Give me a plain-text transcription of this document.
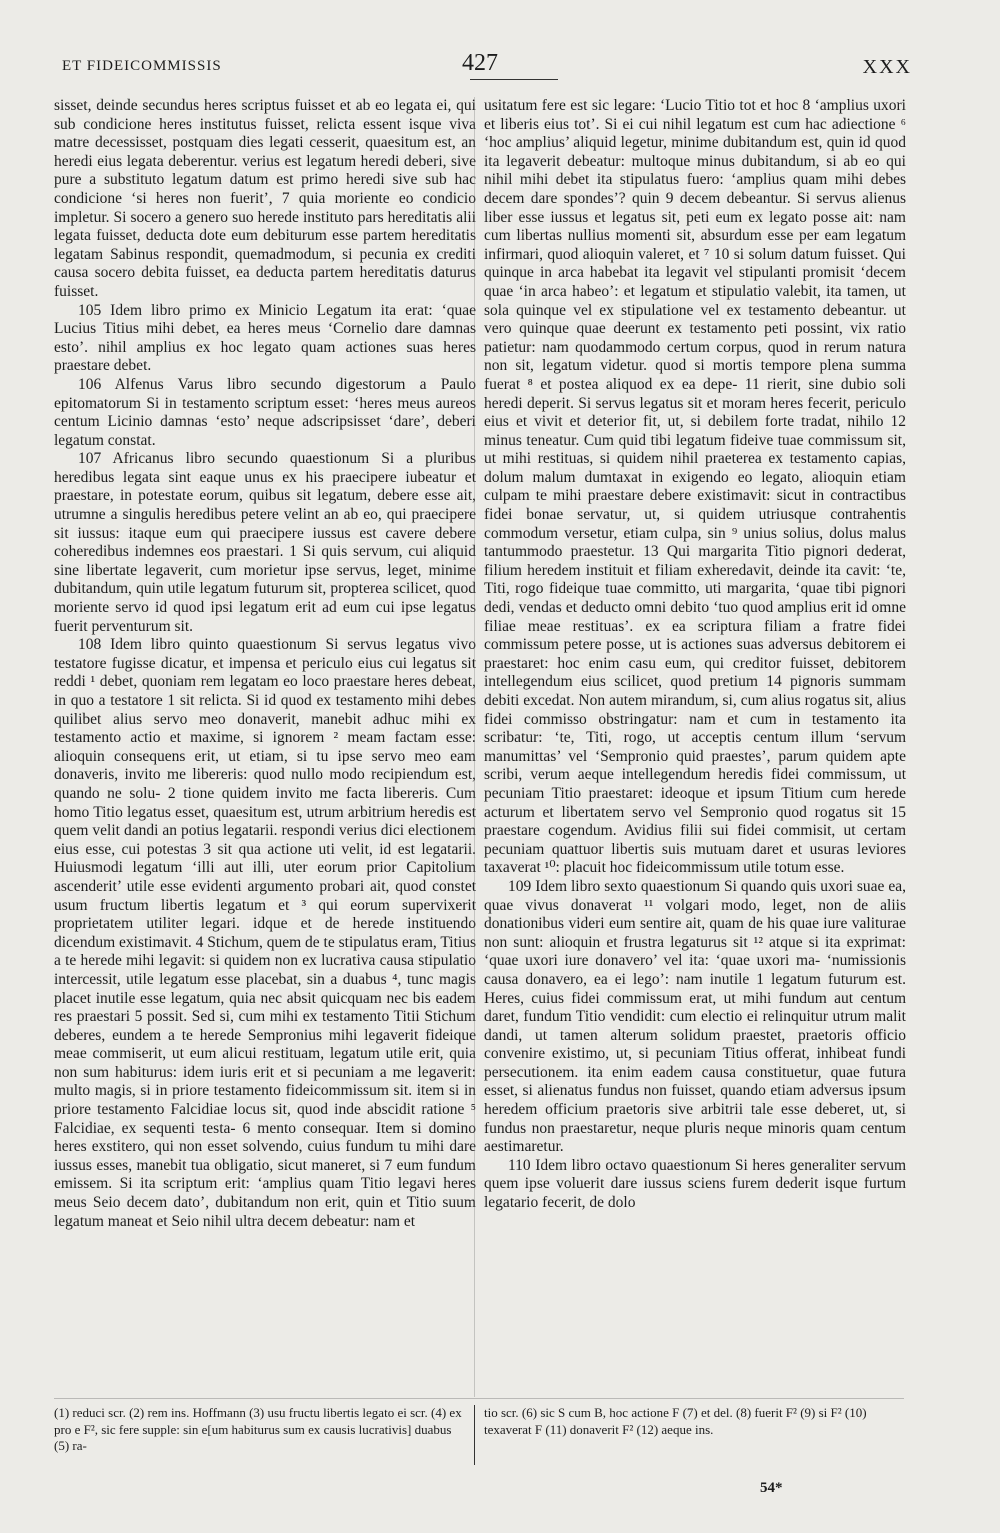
ET FIDEICOMMISSIS	427	XXX

sisset, deinde secundus heres scriptus fuisset et ab eo legata ei, qui sub condicione heres institutus fuisset, relicta essent isque viva matre decessisset, postquam dies legati cesserit, quaesitum est, an heredi eius legata deberentur. verius est legatum heredi deberi, sive pure a substituto legatum datum est primo heredi sive sub hac condicione ‘si heres non fuerit’, 7 quia moriente eo condicio impletur. Si socero a genero suo herede instituto pars hereditatis alii legata fuisset, deducta dote eum debiturum esse partem hereditatis legatam Sabinus respondit, quemadmodum, si pecunia ex crediti causa socero debita fuisset, ea deducta partem hereditatis daturus fuisset.

105 Idem libro primo ex Minicio Legatum ita erat: ‘quae Lucius Titius mihi debet, ea heres meus ‘Cornelio dare damnas esto’. nihil amplius ex hoc legato quam actiones suas heres praestare debet.

106 Alfenus Varus libro secundo digestorum a Paulo epitomatorum Si in testamento scriptum esset: ‘heres meus aureos centum Licinio damnas ‘esto’ neque adscripsisset ‘dare’, deberi legatum constat.

107 Africanus libro secundo quaestionum Si a pluribus heredibus legata sint eaque unus ex his praecipere iubeatur et praestare, in potestate eorum, quibus sit legatum, debere esse ait, utrumne a singulis heredibus petere velint an ab eo, qui praecipere sit iussus: itaque eum qui praecipere iussus est cavere debere coheredibus indemnes eos praestari. 1 Si quis servum, cui aliquid sine libertate legaverit, cum morietur ipse servus, leget, minime dubitandum, quin utile legatum futurum sit, propterea scilicet, quod moriente servo id quod ipsi legatum erit ad eum cui ipse legatus fuerit perventurum sit.

108 Idem libro quinto quaestionum Si servus legatus vivo testatore fugisse dicatur, et impensa et periculo eius cui legatus sit reddi ¹ debet, quoniam rem legatam eo loco praestare heres debeat, in quo a testatore 1 sit relicta. Si id quod ex testamento mihi debes quilibet alius servo meo donaverit, manebit adhuc mihi ex testamento actio et maxime, si ignorem ² meam factam esse: alioquin consequens erit, ut etiam, si tu ipse servo meo eam donaveris, invito me libereris: quod nullo modo recipiendum est, quando ne solu- 2 tione quidem invito me facta libereris. Cum homo Titio legatus esset, quaesitum est, utrum arbitrium heredis est quem velit dandi an potius legatarii. respondi verius dici electionem eius esse, cui potestas 3 sit qua actione uti velit, id est legatarii. Huiusmodi legatum ‘illi aut illi, uter eorum prior Capitolium ascenderit’ utile esse evidenti argumento probari ait, quod constet usum fructum libertis legatum et ³ qui eorum supervixerit proprietatem utiliter legari. idque et de herede instituendo dicendum existimavit. 4 Stichum, quem de te stipulatus eram, Titius a te herede mihi legavit: si quidem non ex lucrativa causa stipulatio intercessit, utile legatum esse placebat, sin a duabus ⁴, tunc magis placet inutile esse legatum, quia nec absit quicquam nec bis eadem res praestari 5 possit. Sed si, cum mihi ex testamento Titii Stichum deberes, eundem a te herede Sempronius mihi legaverit fideique meae commiserit, ut eum alicui restituam, legatum utile erit, quia non sum habiturus: idem iuris erit et si pecuniam a me legaverit: multo magis, si in priore testamento fideicommissum sit. item si in priore testamento Falcidiae locus sit, quod inde abscidit ratione ⁵ Falcidiae, ex sequenti testa- 6 mento consequar. Item si domino heres exstitero, qui non esset solvendo, cuius fundum tu mihi dare iussus esses, manebit tua obligatio, sicut maneret, si 7 eum fundum emissem. Si ita scriptum erit: ‘amplius quam Titio legavi heres meus Seio decem dato’, dubitandum non erit, quin et Titio suum legatum maneat et Seio nihil ultra decem debeatur: nam et

usitatum fere est sic legare: ‘Lucio Titio tot et hoc 8 ‘amplius uxori et liberis eius tot’. Si ei cui nihil legatum est cum hac adiectione ⁶ ‘hoc amplius’ aliquid legetur, minime dubitandum est, quin id quod ita legaverit debeatur: multoque minus dubitandum, si ab eo qui nihil mihi debet ita stipulatus fuero: ‘amplius quam mihi debes decem dare spondes’? quin 9 decem debeantur. Si servus alienus liber esse iussus et legatus sit, peti eum ex legato posse ait: nam cum libertas nullius momenti sit, absurdum esse per eam legatum infirmari, quod alioquin valeret, et ⁷ 10 si solum datum fuisset. Qui quinque in arca habebat ita legavit vel stipulanti promisit ‘decem quae ‘in arca habeo’: et legatum et stipulatio valebit, ita tamen, ut sola quinque vel ex stipulatione vel ex testamento debeantur. ut vero quinque quae deerunt ex testamento peti possint, vix ratio patietur: nam quodammodo certum corpus, quod in rerum natura non sit, legatum videtur. quod si mortis tempore plena summa fuerat ⁸ et postea aliquod ex ea depe- 11 rierit, sine dubio soli heredi deperit. Si servus legatus sit et moram heres fecerit, periculo eius et vivit et deterior fit, ut, si debilem forte tradat, nihilo 12 minus teneatur. Cum quid tibi legatum fideive tuae commissum sit, ut mihi restituas, si quidem nihil praeterea ex testamento capias, dolum malum dumtaxat in exigendo eo legato, alioquin etiam culpam te mihi praestare debere existimavit: sicut in contractibus fidei bonae servatur, ut, si quidem utriusque contrahentis commodum versetur, etiam culpa, sin ⁹ unius solius, dolus malus tantummodo praestetur. 13 Qui margarita Titio pignori dederat, filium heredem instituit et filiam exheredavit, deinde ita cavit: ‘te, Titi, rogo fideique tuae committo, uti margarita, ‘quae tibi pignori dedi, vendas et deducto omni debito ‘tuo quod amplius erit id omne filiae meae restituas’. ex ea scriptura filiam a fratre fidei commissum petere posse, ut is actiones suas adversus debitorem ei praestaret: hoc enim casu eum, qui creditor fuisset, debitorem intellegendum eius scilicet, quod pretium 14 pignoris summam debiti excedat. Non autem mirandum, si, cum alius rogatus sit, alius fidei commisso obstringatur: nam et cum in testamento ita scribatur: ‘te, Titi, rogo, ut acceptis centum illum ‘servum manumittas’ vel ‘Sempronio quid praestes’, parum quidem apte scribi, verum aeque intellegendum heredis fidei commissum, ut pecuniam Titio praestaret: ideoque et ipsum Titium cum herede acturum et libertatem servo vel Sempronio quod rogatus sit 15 praestare cogendum. Avidius filii sui fidei commisit, ut certam pecuniam quattuor libertis suis mutuam daret et usuras leviores taxaverat ¹⁰: placuit hoc fideicommissum utile totum esse.

109 Idem libro sexto quaestionum Si quando quis uxori suae ea, quae vivus donaverat ¹¹ volgari modo, leget, non de aliis donationibus videri eum sentire ait, quam de his quae iure valiturae non sunt: alioquin et frustra legaturus sit ¹² atque si ita exprimat: ‘quae uxori iure donavero’ vel ita: ‘quae uxori ma- ‘numissionis causa donavero, ea ei lego’: nam inutile 1 legatum futurum est. Heres, cuius fidei commissum erat, ut mihi fundum aut centum daret, fundum Titio vendidit: cum electio ei relinquitur utrum malit dandi, ut tamen alterum solidum praestet, praetoris officio convenire existimo, ut, si pecuniam Titius offerat, inhibeat fundi persecutionem. ita enim eadem causa constituetur, quae futura esset, si alienatus fundus non fuisset, quando etiam adversus ipsum heredem officium praetoris sive arbitrii tale esse deberet, ut, si fundus non praestaretur, neque pluris neque minoris quam centum aestimaretur.

110 Idem libro octavo quaestionum Si heres generaliter servum quem ipse voluerit dare iussus sciens furem dederit isque furtum legatario fecerit, de dolo

(1) reduci scr. (2) rem ins. Hoffmann (3) usu fructu libertis legato ei scr. (4) ex pro e F², sic fere supple: sin e[um habiturus sum ex causis lucrativis] duabus (5) ra-
tio scr. (6) sic S cum B, hoc actione F (7) et del. (8) fuerit F² (9) si F² (10) texaverat F (11) donaverit F² (12) aeque ins.
54*
